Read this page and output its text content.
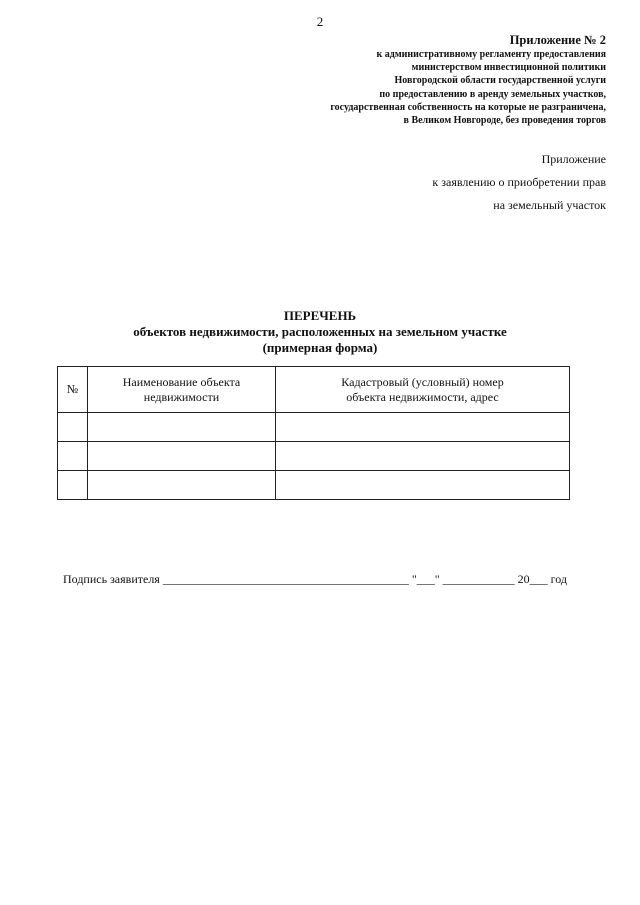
2
Приложение № 2
к административному регламенту предоставления
министерством инвестиционной политики
Новгородской области государственной услуги
по предоставлению в аренду земельных участков,
государственная собственность на которые не разграничена,
в Великом Новгороде, без проведения торгов
Приложение
к заявлению о приобретении прав
на земельный участок
ПЕРЕЧЕНЬ
объектов недвижимости, расположенных на земельном участке
(примерная форма)
№	Наименование объекта недвижимости	Кадастровый (условный) номер объекта недвижимости, адрес

Подпись заявителя _________________________________________ "___" ____________ 20___ год
